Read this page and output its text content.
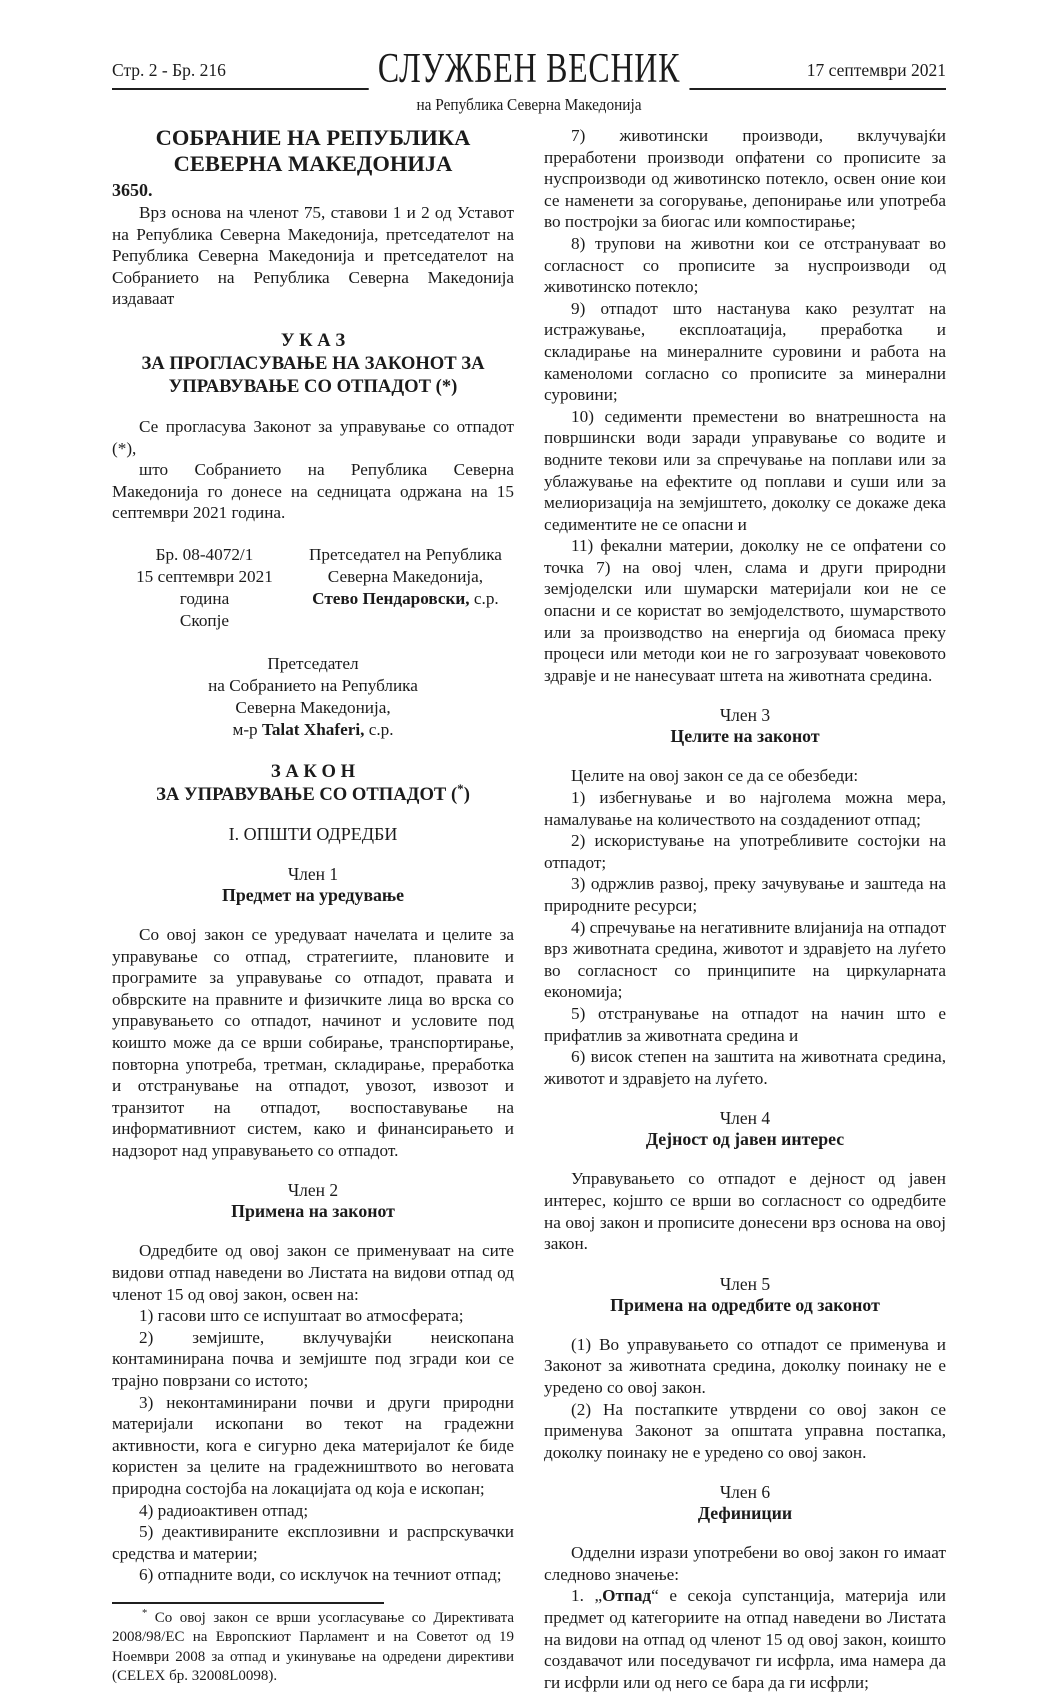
Стр. 2 - Бр. 216	СЛУЖБЕН ВЕСНИК	17 септември 2021
на Република Северна Македонија
СОБРАНИЕ НА РЕПУБЛИКА СЕВЕРНА МАКЕДОНИЈА

3650.

Врз основа на членот 75, ставови 1 и 2 од Уставот на Република Северна Македонија, претседателот на Република Северна Македонија и претседателот на Собранието на Република Северна Македонија издаваат

У К А З
ЗА ПРОГЛАСУВАЊЕ НА ЗАКОНОТ ЗА УПРАВУВАЊЕ СО ОТПАДОТ (*)

Се прогласува Законот за управување со отпадот
(*),

што Собранието на Република Северна Македонија го донесе на седницата одржана на 15 септември 2021 година.

Бр. 08-4072/1
15 септември 2021 година
Скопје
Претседател на Република
Северна Македонија,
Стево Пендаровски, с.р.
Претседател
на Собранието на Република
Северна Македонија,
м-р Talat Xhaferi, с.р.
З А К О Н
ЗА УПРАВУВАЊЕ СО ОТПАДОТ (*)
I. ОПШТИ ОДРЕДБИ
Член 1
Предмет на уредување

Со овој закон се уредуваат начелата и целите за управување со отпад, стратегиите, плановите и програмите за управување со отпадот, правата и обврските на правните и физичките лица во врска со управувањето со отпадот, начинот и условите под коишто може да се врши собирање, транспортирање, повторна употреба, третман, складирање, преработка и отстранување на отпадот, увозот, извозот и транзитот на отпадот, воспоставување на информативниот систем, како и финансирањето и надзорот над управувањето со отпадот.

Член 2
Примена на законот

Одредбите од овој закон се применуваат на сите видови отпад наведени во Листата на видови отпад од членот 15 од овој закон, освен на:

1) гасови што се испуштаат во атмосферата;

2) земјиште, вклучувајќи неископана контаминирана почва и земјиште под згради кои се трајно поврзани со истото;

3) неконтаминирани почви и други природни материјали ископани во текот на градежни активности, кога е сигурно дека материјалот ќе биде користен за целите на градежништвото во неговата природна состојба на локацијата од која е ископан;

4) радиоактивен отпад;

5) деактивираните експлозивни и распрскувачки средства и материи;

6) отпадните води, со исклучок на течниот отпад;

* Со овој закон се врши усогласување со Директивата 2008/98/ЕС на Европскиот Парламент и на Советот од 19 Ноември 2008 за отпад и укинување на одредени директиви (CELEX бр. 32008L0098).

7) животински производи, вклучувајќи преработени производи опфатени со прописите за нуспроизводи од животинско потекло, освен оние кои се наменети за согорување, депонирање или употреба во постројки за биогас или компостирање;

8) трупови на животни кои се отстрануваат во согласност со прописите за нуспроизводи од животинско потекло;

9) отпадот што настанува како резултат на истражување, експлоатација, преработка и складирање на минералните суровини и работа на каменоломи согласно со прописите за минерални суровини;

10) седименти преместени во внатрешноста на површински води заради управување со водите и водните текови или за спречување на поплави или за ублажување на ефектите од поплави и суши или за мелиоризација на земјиштето, доколку се докаже дека седиментите не се опасни и

11) фекални материи, доколку не се опфатени со точка 7) на овој член, слама и други природни земјоделски или шумарски материјали кои не се опасни и се користат во земјоделството, шумарството или за производство на енергија од биомаса преку процеси или методи кои не го загрозуваат човековото здравје и не нанесуваат штета на животната средина.

Член 3
Целите на законот

Целите на овој закон се да се обезбеди:

1) избегнување и во најголема можна мера, намалување на количеството на создадениот отпад;

2) искористување на употребливите состојки на отпадот;

3) одржлив развој, преку зачувување и заштеда на природните ресурси;

4) спречување на негативните влијанија на отпадот врз животната средина, животот и здравјето на луѓето во согласност со принципите на циркуларната економија;

5) отстранување на отпадот на начин што е прифатлив за животната средина и

6) висок степен на заштита на животната средина, животот и здравјето на луѓето.

Член 4
Дејност од јавен интерес

Управувањето со отпадот е дејност од јавен интерес, којшто се врши во согласност со одредбите на овој закон и прописите донесени врз основа на овој закон.

Член 5
Примена на одредбите од законот

(1) Во управувањето со отпадот се применува и Законот за животната средина, доколку поинаку не е уредено со овој закон.

(2) На постапките утврдени со овој закон се применува Законот за општата управна постапка, доколку поинаку не е уредено со овој закон.

Член 6
Дефиниции

Одделни изрази употребени во овој закон го имаат следново значење:

1. „Отпад“ е секоја супстанција, материја или предмет од категориите на отпад наведени во Листата на видови на отпад од членот 15 од овој закон, коишто создавачот или поседувачот ги исфрла, има намера да ги исфрли или од него се бара да ги исфрли;
